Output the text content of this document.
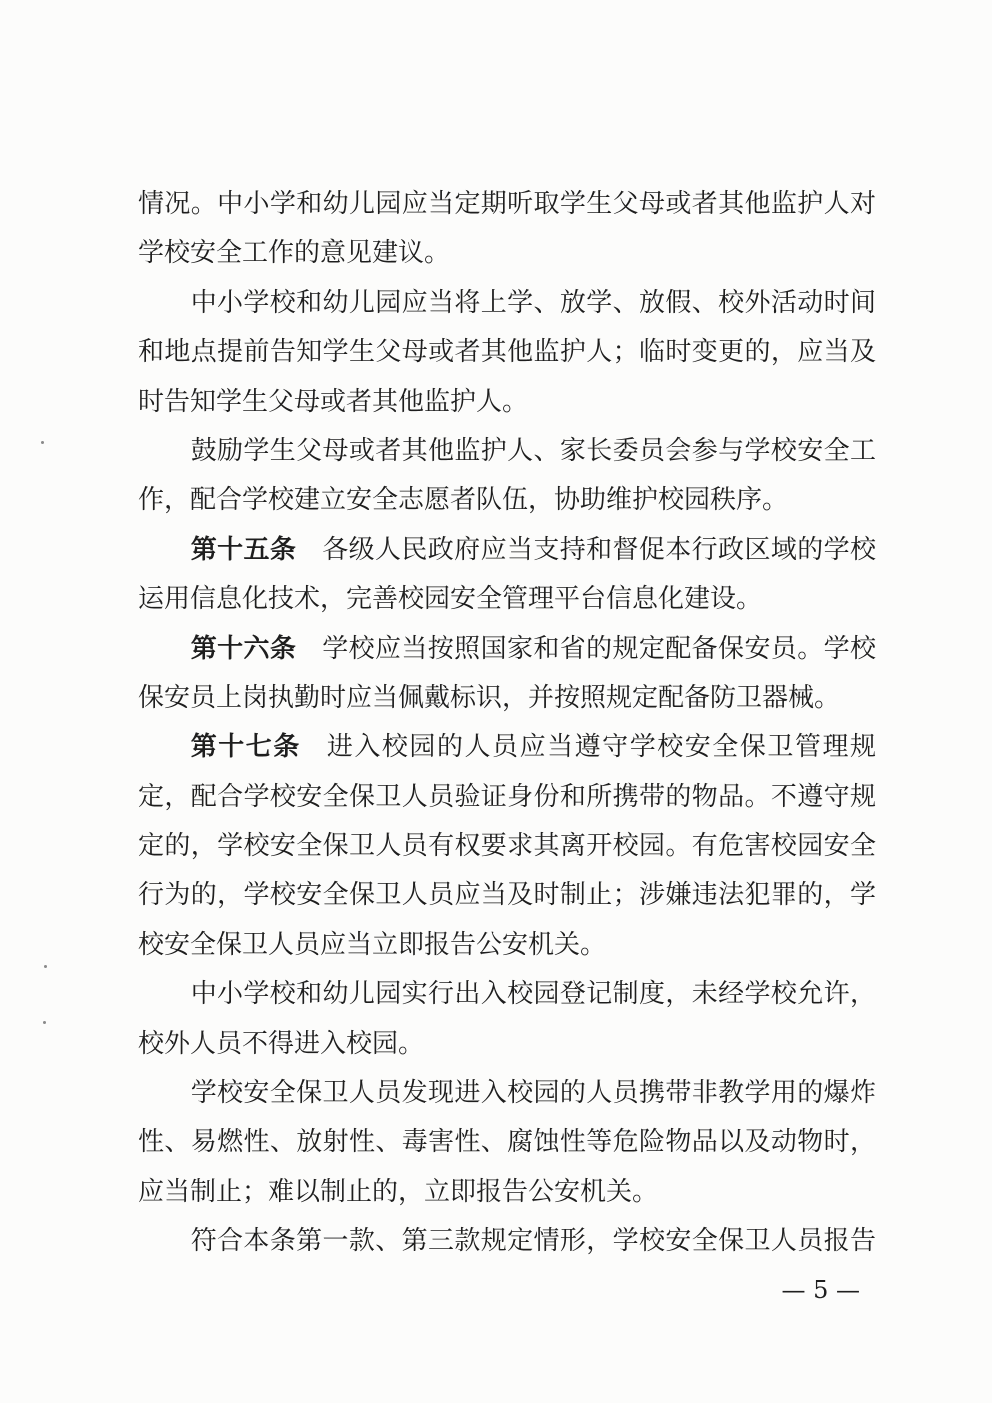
情况。中小学和幼儿园应当定期听取学生父母或者其他监护人对
学校安全工作的意见建议。
中小学校和幼儿园应当将上学、放学、放假、校外活动时间
和地点提前告知学生父母或者其他监护人；临时变更的，应当及
时告知学生父母或者其他监护人。
鼓励学生父母或者其他监护人、家长委员会参与学校安全工
作，配合学校建立安全志愿者队伍，协助维护校园秩序。
第十五条 各级人民政府应当支持和督促本行政区域的学校
运用信息化技术，完善校园安全管理平台信息化建设。
第十六条 学校应当按照国家和省的规定配备保安员。学校
保安员上岗执勤时应当佩戴标识，并按照规定配备防卫器械。
第十七条 进入校园的人员应当遵守学校安全保卫管理规
定，配合学校安全保卫人员验证身份和所携带的物品。不遵守规
定的，学校安全保卫人员有权要求其离开校园。有危害校园安全
行为的，学校安全保卫人员应当及时制止；涉嫌违法犯罪的，学
校安全保卫人员应当立即报告公安机关。
中小学校和幼儿园实行出入校园登记制度，未经学校允许，
校外人员不得进入校园。
学校安全保卫人员发现进入校园的人员携带非教学用的爆炸
性、易燃性、放射性、毒害性、腐蚀性等危险物品以及动物时，
应当制止；难以制止的，立即报告公安机关。
符合本条第一款、第三款规定情形，学校安全保卫人员报告
— 5 —
